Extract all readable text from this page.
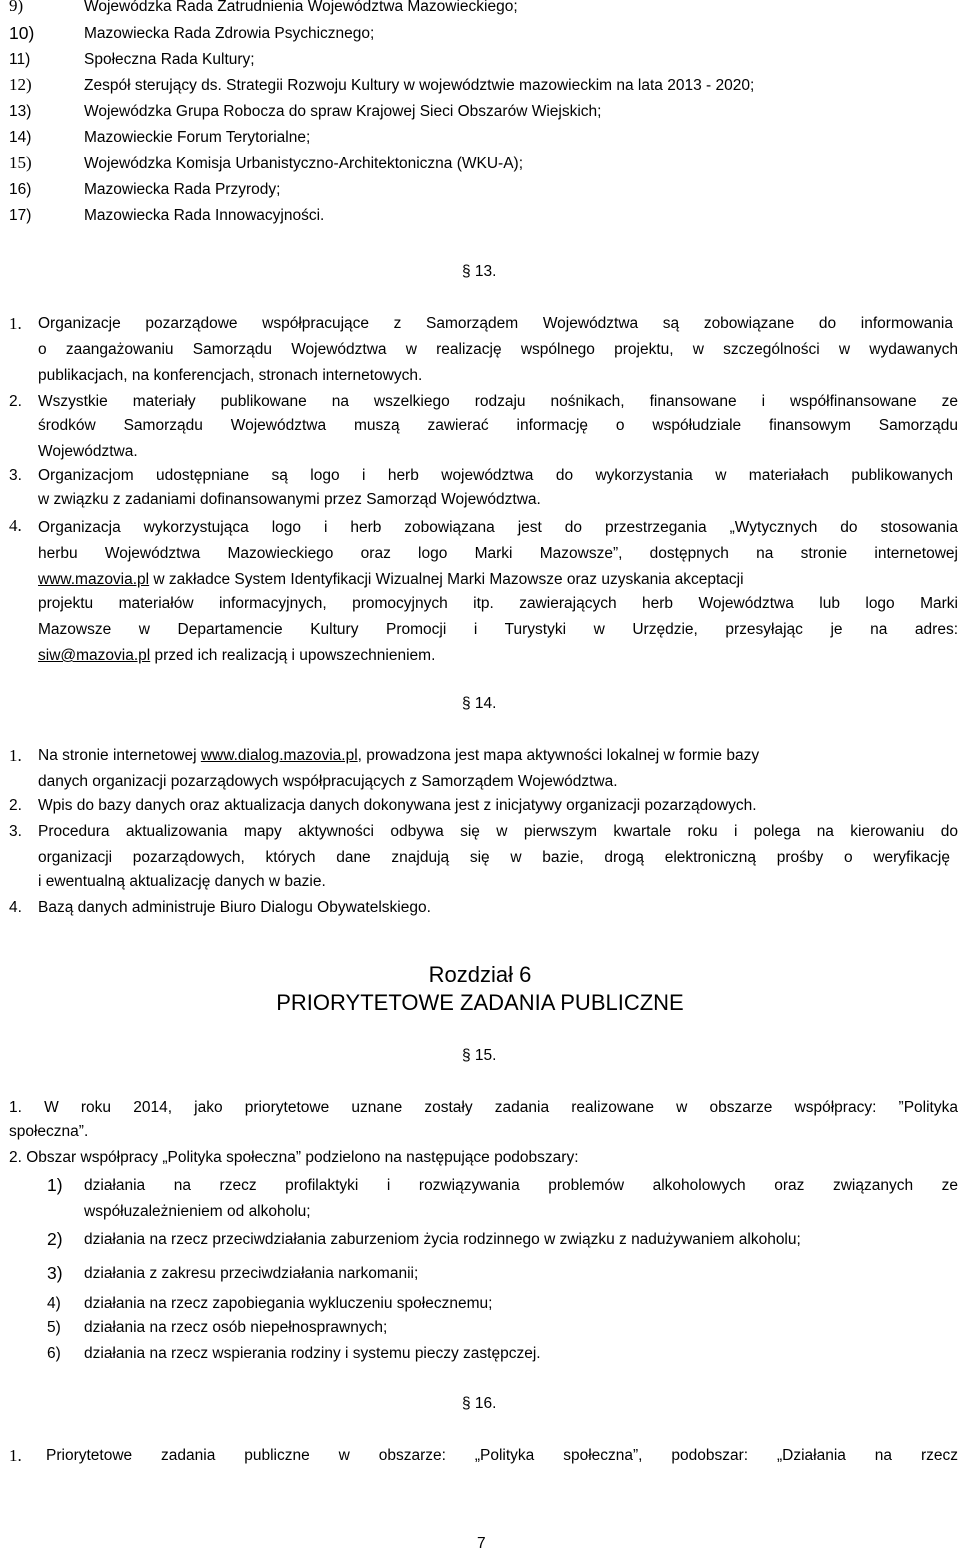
9)	Wojewódzka Rada Zatrudnienia Województwa Mazowieckiego;
10)	Mazowiecka Rada Zdrowia Psychicznego;
11)	Społeczna Rada Kultury;
12)	Zespół sterujący ds. Strategii Rozwoju Kultury w województwie mazowieckim na lata 2013 - 2020;
13)	Wojewódzka Grupa Robocza do spraw Krajowej Sieci Obszarów Wiejskich;
14)	Mazowieckie Forum Terytorialne;
15)	Wojewódzka Komisja Urbanistyczno-Architektoniczna (WKU-A);
16)	Mazowiecka Rada Przyrody;
17)	Mazowiecka Rada Innowacyjności.
§ 13.
1. Organizacje pozarządowe współpracujące z Samorządem Województwa są zobowiązane do informowania
o zaangażowaniu Samorządu Województwa w realizację wspólnego projektu, w szczególności w wydawanych
publikacjach, na konferencjach, stronach internetowych.
2. Wszystkie materiały publikowane na wszelkiego rodzaju nośnikach, finansowane i współfinansowane ze
środków Samorządu Województwa muszą zawierać informację o współudziale finansowym Samorządu
Województwa.
3. Organizacjom udostępniane są logo i herb województwa do wykorzystania w materiałach publikowanych
w związku z zadaniami dofinansowanymi przez Samorząd Województwa.
4. Organizacja wykorzystująca logo i herb zobowiązana jest do przestrzegania „Wytycznych do stosowania
herbu Województwa Mazowieckiego oraz logo Marki Mazowsze”, dostępnych na stronie internetowej
www.mazovia.pl w zakładce System Identyfikacji Wizualnej Marki Mazowsze oraz uzyskania akceptacji
projektu materiałów informacyjnych, promocyjnych itp. zawierających herb Województwa lub logo Marki
Mazowsze w Departamencie Kultury Promocji i Turystyki w Urzędzie, przesyłając je na adres:
siw@mazovia.pl przed ich realizacją i upowszechnieniem.
§ 14.
1. Na stronie internetowej www.dialog.mazovia.pl, prowadzona jest mapa aktywności lokalnej w formie bazy
danych organizacji pozarządowych współpracujących z Samorządem Województwa.
2. Wpis do bazy danych oraz aktualizacja danych dokonywana jest z inicjatywy organizacji pozarządowych.
3. Procedura aktualizowania mapy aktywności odbywa się w pierwszym kwartale roku i polega na kierowaniu do
organizacji pozarządowych, których dane znajdują się w bazie, drogą elektroniczną prośby o weryfikację
i ewentualną aktualizację danych w bazie.
4. Bazą danych administruje Biuro Dialogu Obywatelskiego.
Rozdział 6
PRIORYTETOWE ZADANIA PUBLICZNE
§ 15.
1. W roku 2014, jako priorytetowe uznane zostały zadania realizowane w obszarze współpracy: ”Polityka
społeczna”.
2. Obszar współpracy „Polityka społeczna” podzielono na następujące podobszary:
1) działania na rzecz profilaktyki i rozwiązywania problemów alkoholowych oraz związanych ze
współuzależnieniem od alkoholu;
2) działania na rzecz przeciwdziałania zaburzeniom życia rodzinnego w związku z nadużywaniem alkoholu;
3) działania z zakresu przeciwdziałania narkomanii;
4) działania na rzecz zapobiegania wykluczeniu społecznemu;
5) działania na rzecz osób niepełnosprawnych;
6) działania na rzecz wspierania rodziny i systemu pieczy zastępczej.
§ 16.
1. Priorytetowe zadania publiczne w obszarze: „Polityka społeczna”, podobszar: „Działania na rzecz
7
